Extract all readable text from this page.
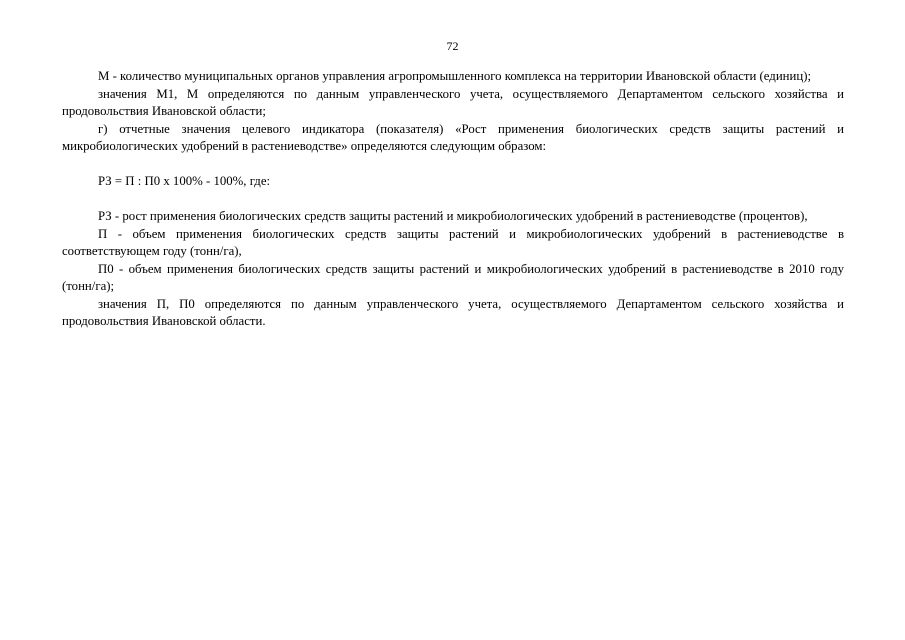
72

М - количество муниципальных органов управления агропромышленного комплекса на территории Ивановской области (единиц);

значения M1, M определяются по данным управленческого учета, осуществляемого Департаментом сельского хозяйства и продовольствия Ивановской области;

г) отчетные значения целевого индикатора (показателя) «Рост применения биологических средств защиты растений и микробиологических удобрений в растениеводстве» определяются следующим образом:

РЗ = П : П0 х 100% - 100%, где:

РЗ - рост применения биологических средств защиты растений и микробиологических удобрений в растениеводстве (процентов),

П - объем применения биологических средств защиты растений и микробиологических удобрений в растениеводстве в соответствующем году (тонн/га),

П0 - объем применения биологических средств защиты растений и микробиологических удобрений в растениеводстве в 2010 году (тонн/га);

значения П, П0 определяются по данным управленческого учета, осуществляемого Департаментом сельского хозяйства и продовольствия Ивановской области.
